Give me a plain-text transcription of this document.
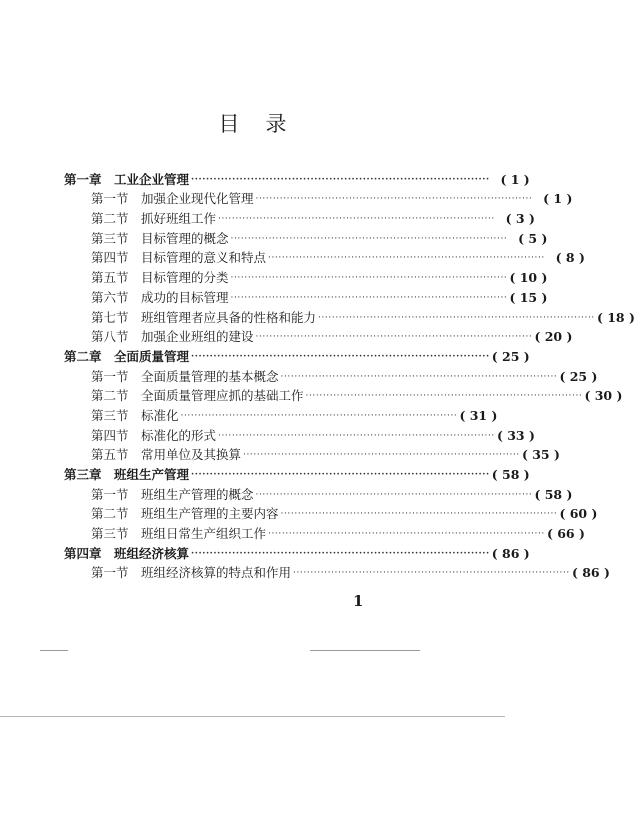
目录
第一章 工业企业管理 ················································································ ( 1 )
第一节 加强企业现代化管理 ················································································ ( 1 )
第二节 抓好班组工作 ················································································ ( 3 )
第三节 目标管理的概念 ················································································ ( 5 )
第四节 目标管理的意义和特点 ················································································ ( 8 )
第五节 目标管理的分类 ················································································ ( 10 )
第六节 成功的目标管理 ················································································ ( 15 )
第七节 班组管理者应具备的性格和能力 ················································································ ( 18 )
第八节 加强企业班组的建设 ················································································ ( 20 )
第二章 全面质量管理 ················································································ ( 25 )
第一节 全面质量管理的基本概念 ················································································ ( 25 )
第二节 全面质量管理应抓的基础工作 ················································································ ( 30 )
第三节 标准化 ················································································ ( 31 )
第四节 标准化的形式 ················································································ ( 33 )
第五节 常用单位及其换算 ················································································ ( 35 )
第三章 班组生产管理 ················································································ ( 58 )
第一节 班组生产管理的概念 ················································································ ( 58 )
第二节 班组生产管理的主要内容 ················································································ ( 60 )
第三节 班组日常生产组织工作 ················································································ ( 66 )
第四章 班组经济核算 ················································································ ( 86 )
第一节 班组经济核算的特点和作用 ················································································ ( 86 )
1
